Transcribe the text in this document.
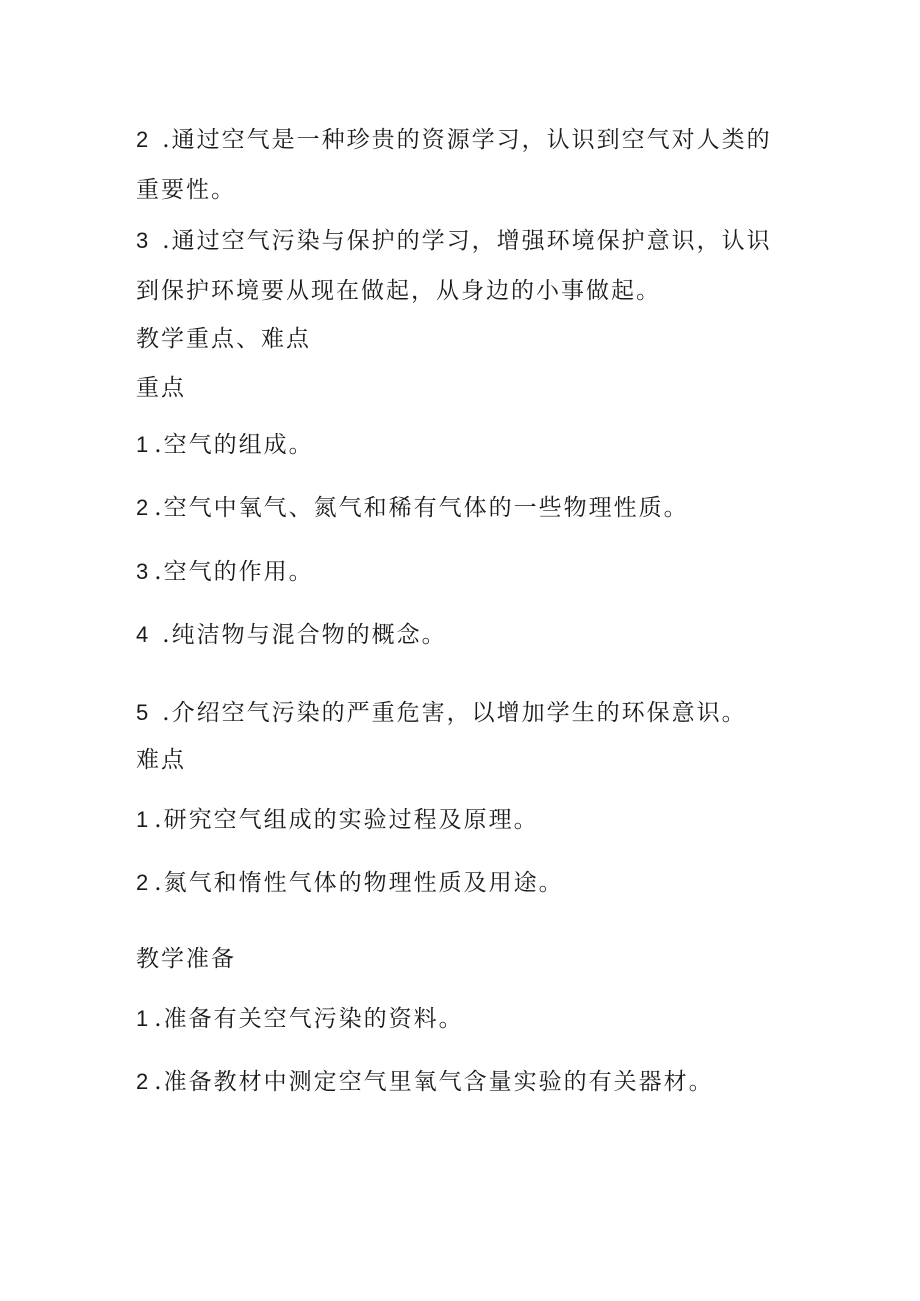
2 .通过空气是一种珍贵的资源学习，认识到空气对人类的
重要性。
3 .通过空气污染与保护的学习，增强环境保护意识，认识
到保护环境要从现在做起，从身边的小事做起。
教学重点、难点
重点
1 .空气的组成。
2 .空气中氧气、氮气和稀有气体的一些物理性质。
3 .空气的作用。
4 .纯洁物与混合物的概念。
5 .介绍空气污染的严重危害，以增加学生的环保意识。
难点
1 .研究空气组成的实验过程及原理。
2 .氮气和惰性气体的物理性质及用途。
教学准备
1 .准备有关空气污染的资料。
2 .准备教材中测定空气里氧气含量实验的有关器材。
